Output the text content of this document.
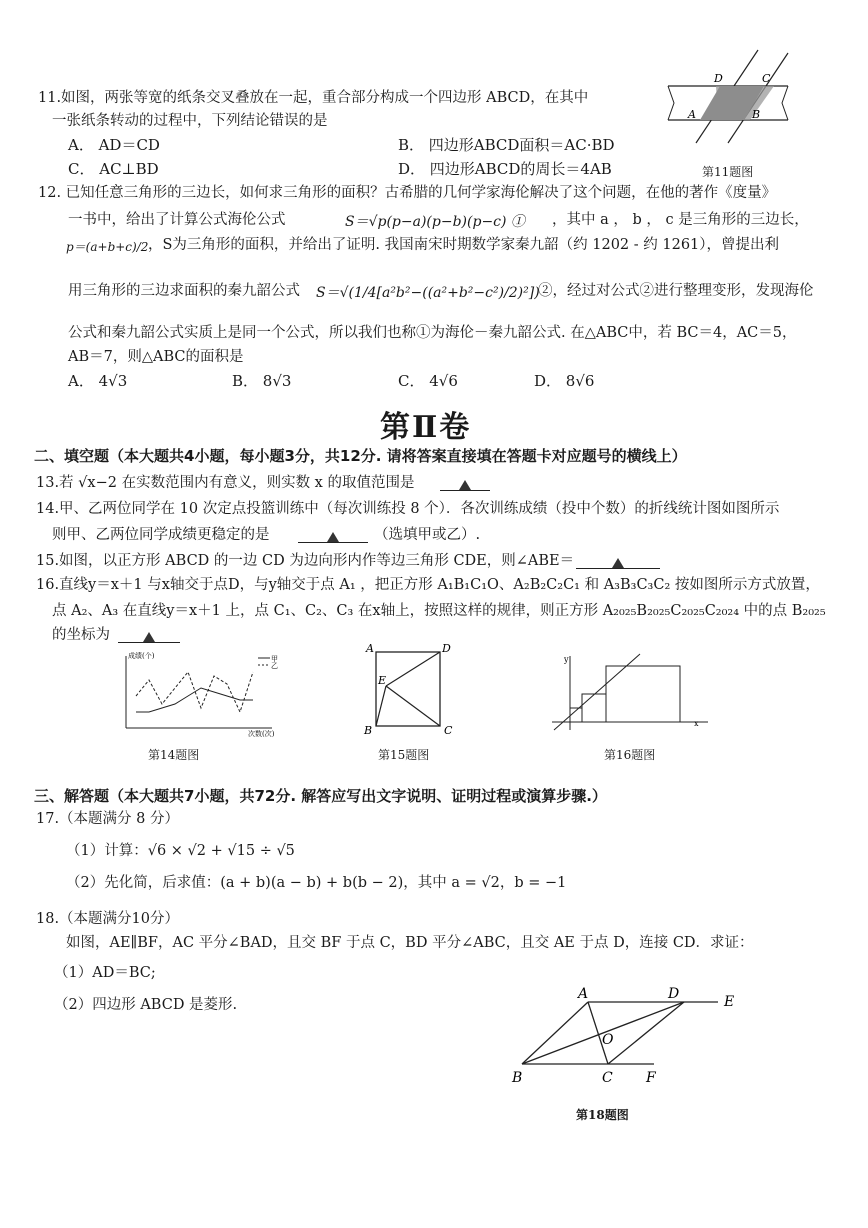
11.如图，两张等宽的纸条交叉叠放在一起，重合部分构成一个四边形 ABCD，在其中
一张纸条转动的过程中，下列结论错误的是
A． AD＝CD	B． 四边形ABCD面积＝AC·BD
C． AC⊥BD	D． 四边形ABCD的周长＝4AB
D	C
A	B
第11题图
12. 已知任意三角形的三边长，如何求三角形的面积？古希腊的几何学家海伦解决了这个问题，在他的著作《度量》
一书中，给出了计算公式海伦公式	S＝√p(p−a)(p−b)(p−c) ① ，其中 a ， b ， c 是三角形的三边长，
p＝(a+b+c)/2 ，S为三角形的面积，并给出了证明. 我国南宋时期数学家秦九韶（约 1202 - 约 1261），曾提出利
用三角形的三边求面积的秦九韶公式 S＝√(1/4[a²b²−((a²+b²−c²)/2)²])
②，经过对公式②进行整理变形，发现海伦
公式和秦九韶公式实质上是同一个公式，所以我们也称①为海伦－秦九韶公式. 在△ABC中，若 BC＝4，AC＝5，
AB＝7，则△ABC的面积是
A． 4√3	B． 8√3	C． 4√6	D． 8√6
第Ⅱ卷
二、填空题（本大题共4小题，每小题3分，共12分. 请将答案直接填在答题卡对应题号的横线上）
13.若 √x−2 在实数范围内有意义，则实数 x 的取值范围是
14.甲、乙两位同学在 10 次定点投篮训练中（每次训练投 8 个）．各次训练成绩（投中个数）的折线统计图如图所示
则甲、乙两位同学成绩更稳定的是	（选填甲或乙）.
15.如图，以正方形 ABCD 的一边 CD 为边向形内作等边三角形 CDE，则∠ABE＝
16.直线y＝x＋1 与x轴交于点D，与y轴交于点 A₁ ，把正方形 A₁B₁C₁O、A₂B₂C₂C₁ 和 A₃B₃C₃C₂ 按如图所示方式放置，
点 A₂、A₃ 在直线y＝x＋1 上，点 C₁、C₂、C₃ 在x轴上，按照这样的规律，则正方形 A₂₀₂₅B₂₀₂₅C₂₀₂₅C₂₀₂₄ 中的点 B₂₀₂₅
的坐标为
成绩(个)
次数(次)
甲
乙
第14题图
A	D
E
B	C
第15题图
x
y
第16题图
三、解答题（本大题共7小题，共72分. 解答应写出文字说明、证明过程或演算步骤.）
17.（本题满分 8 分）
（1）计算：√6 × √2 + √15 ÷ √5
（2）先化简，后求值：(a + b)(a − b) + b(b − 2)，其中 a = √2，b = −1
18.（本题满分10分）
如图，AE∥BF，AC 平分∠BAD，且交 BF 于点 C，BD 平分∠ABC，且交 AE 于点 D，连接 CD．求证：
（1）AD＝BC;
（2）四边形 ABCD 是菱形.
A	D	E
O
B	C F
第18题图
